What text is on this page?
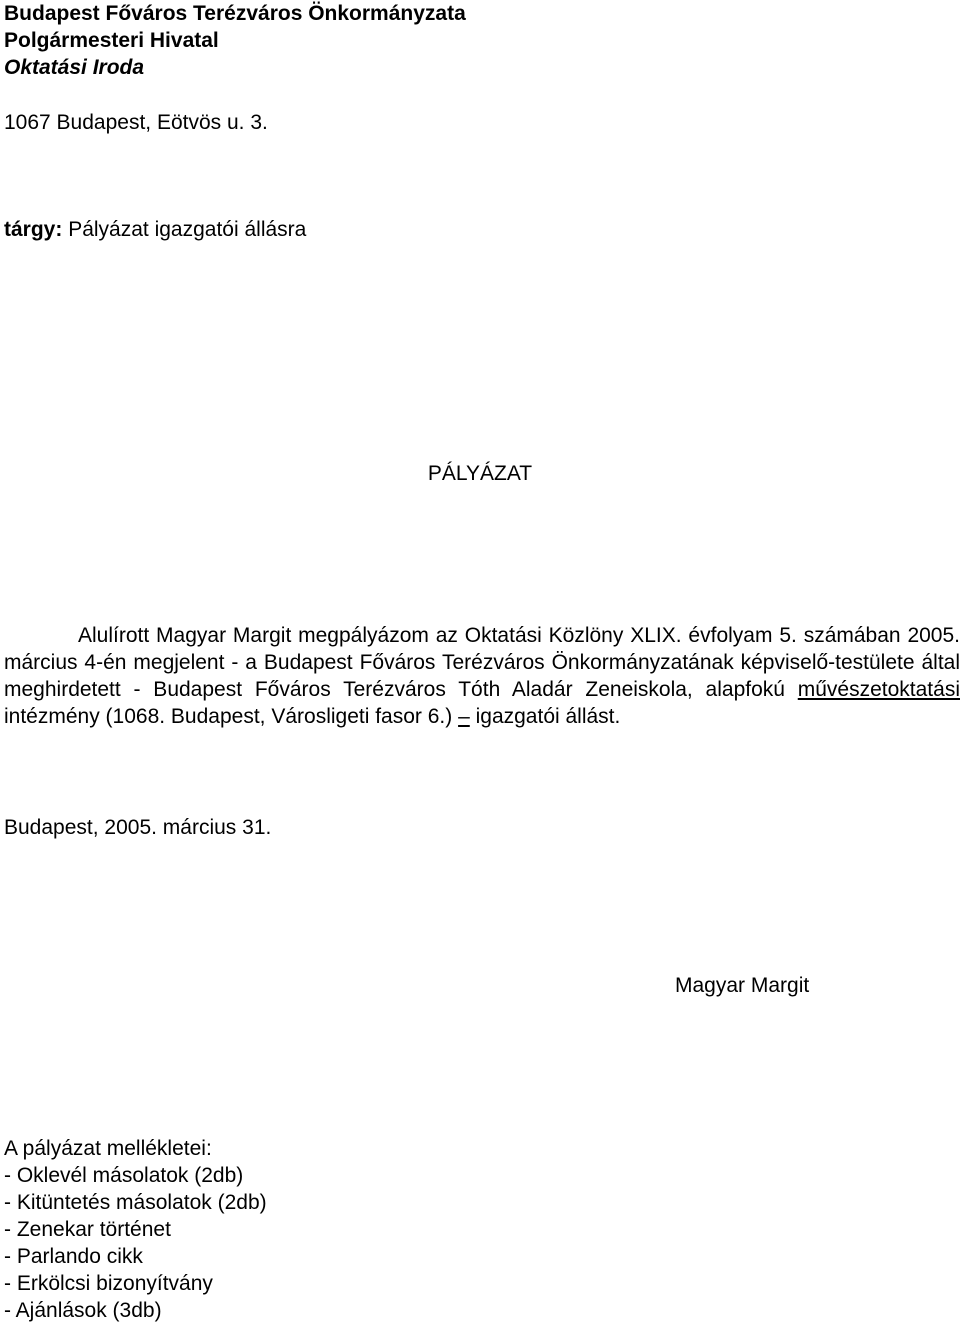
Budapest Főváros Terézváros Önkormányzata
Polgármesteri Hivatal
Oktatási Iroda
1067 Budapest, Eötvös u. 3.
tárgy: Pályázat igazgatói állásra
PÁLYÁZAT
Alulírott Magyar Margit megpályázom az Oktatási Közlöny XLIX. évfolyam 5. számában 2005. március 4-én megjelent - a Budapest Főváros Terézváros Önkormányzatának képviselő-testülete által meghirdetett - Budapest Főváros Terézváros Tóth Aladár Zeneiskola, alapfokú művészetoktatási intézmény (1068. Budapest, Városligeti fasor 6.) – igazgatói állást.
Budapest, 2005. március 31.
Magyar Margit
A pályázat mellékletei:
- Oklevél másolatok (2db)
- Kitüntetés másolatok (2db)
- Zenekar történet
- Parlando cikk
- Erkölcsi bizonyítvány
- Ajánlások (3db)
